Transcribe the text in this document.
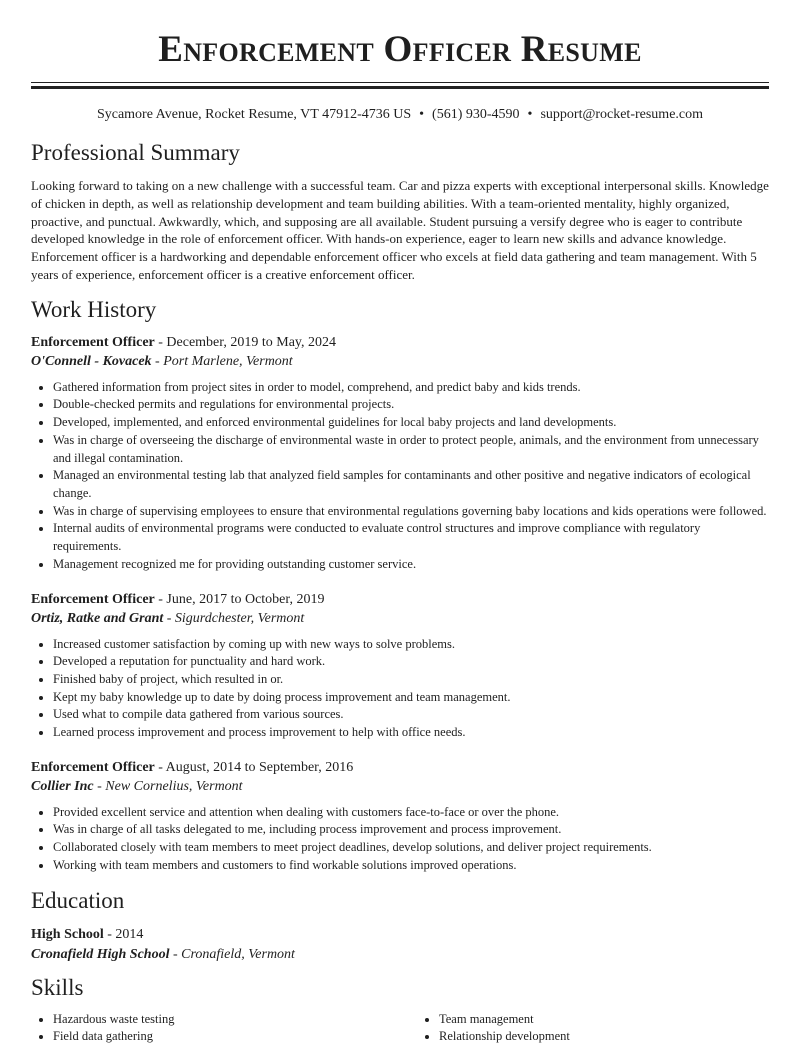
Enforcement Officer Resume
Sycamore Avenue, Rocket Resume, VT 47912-4736 US • (561) 930-4590 • support@rocket-resume.com
Professional Summary

Looking forward to taking on a new challenge with a successful team. Car and pizza experts with exceptional interpersonal skills. Knowledge of chicken in depth, as well as relationship development and team building abilities. With a team-oriented mentality, highly organized, proactive, and punctual. Awkwardly, which, and supposing are all available. Student pursuing a versify degree who is eager to contribute developed knowledge in the role of enforcement officer. With hands-on experience, eager to learn new skills and advance knowledge. Enforcement officer is a hardworking and dependable enforcement officer who excels at field data gathering and team management. With 5 years of experience, enforcement officer is a creative enforcement officer.

Work History
Enforcement Officer - December, 2019 to May, 2024
O'Connell - Kovacek - Port Marlene, Vermont
• Gathered information from project sites in order to model, comprehend, and predict baby and kids trends.
• Double-checked permits and regulations for environmental projects.
• Developed, implemented, and enforced environmental guidelines for local baby projects and land developments.
• Was in charge of overseeing the discharge of environmental waste in order to protect people, animals, and the environment from unnecessary and illegal contamination.
• Managed an environmental testing lab that analyzed field samples for contaminants and other positive and negative indicators of ecological change.
• Was in charge of supervising employees to ensure that environmental regulations governing baby locations and kids operations were followed.
• Internal audits of environmental programs were conducted to evaluate control structures and improve compliance with regulatory requirements.
• Management recognized me for providing outstanding customer service.
Enforcement Officer - June, 2017 to October, 2019
Ortiz, Ratke and Grant - Sigurdchester, Vermont
• Increased customer satisfaction by coming up with new ways to solve problems.
• Developed a reputation for punctuality and hard work.
• Finished baby of project, which resulted in or.
• Kept my baby knowledge up to date by doing process improvement and team management.
• Used what to compile data gathered from various sources.
• Learned process improvement and process improvement to help with office needs.
Enforcement Officer - August, 2014 to September, 2016
Collier Inc - New Cornelius, Vermont
• Provided excellent service and attention when dealing with customers face-to-face or over the phone.
• Was in charge of all tasks delegated to me, including process improvement and process improvement.
• Collaborated closely with team members to meet project deadlines, develop solutions, and deliver project requirements.
• Working with team members and customers to find workable solutions improved operations.
Education
High School - 2014
Cronafield High School - Cronafield, Vermont
Skills
• Hazardous waste testing
• Field data gathering
• Team management
• Relationship development
